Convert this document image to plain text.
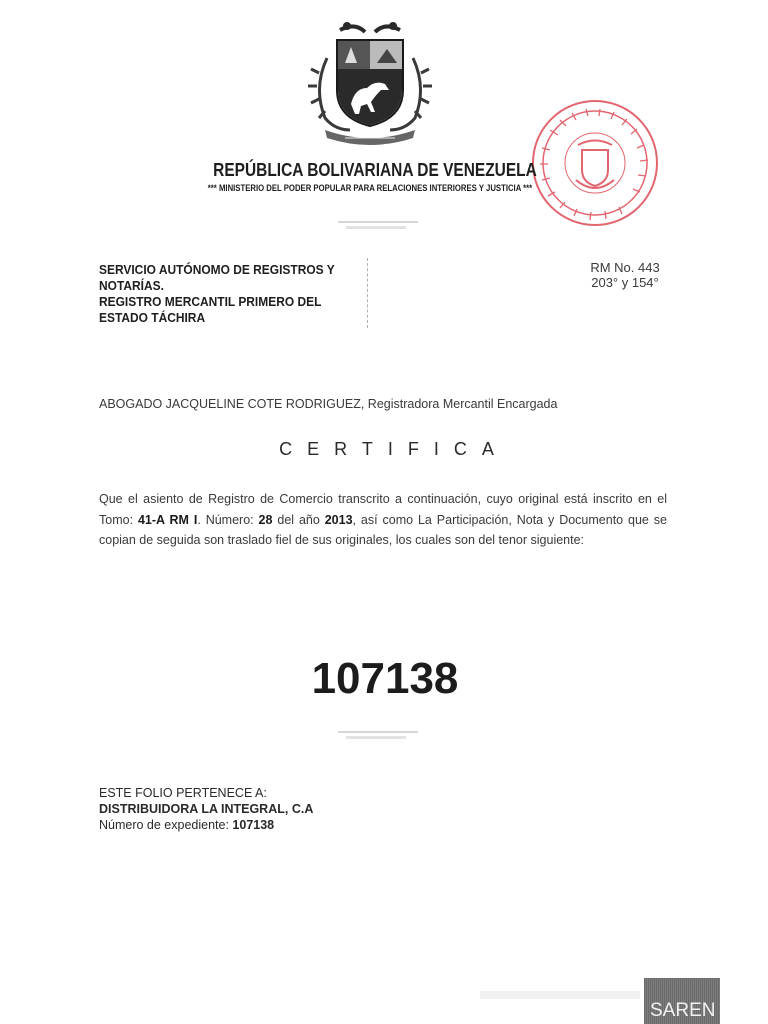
REPÚBLICA BOLIVARIANA DE VENEZUELA
*** MINISTERIO DEL PODER POPULAR PARA RELACIONES INTERIORES Y JUSTICIA ***
SERVICIO AUTÓNOMO DE REGISTROS Y
NOTARÍAS.
REGISTRO MERCANTIL PRIMERO DEL
ESTADO TÁCHIRA
RM No. 443
203° y 154°
ABOGADO JACQUELINE COTE RODRIGUEZ, Registradora Mercantil Encargada
CERTIFICA
Que el asiento de Registro de Comercio transcrito a continuación, cuyo original está inscrito en el Tomo: 41-A RM I. Número: 28 del año 2013, así como La Participación, Nota y Documento que se copian de seguida son traslado fiel de sus originales, los cuales son del tenor siguiente:
107138
ESTE FOLIO PERTENECE A:
DISTRIBUIDORA LA INTEGRAL, C.A
Número de expediente: 107138
SAREN
